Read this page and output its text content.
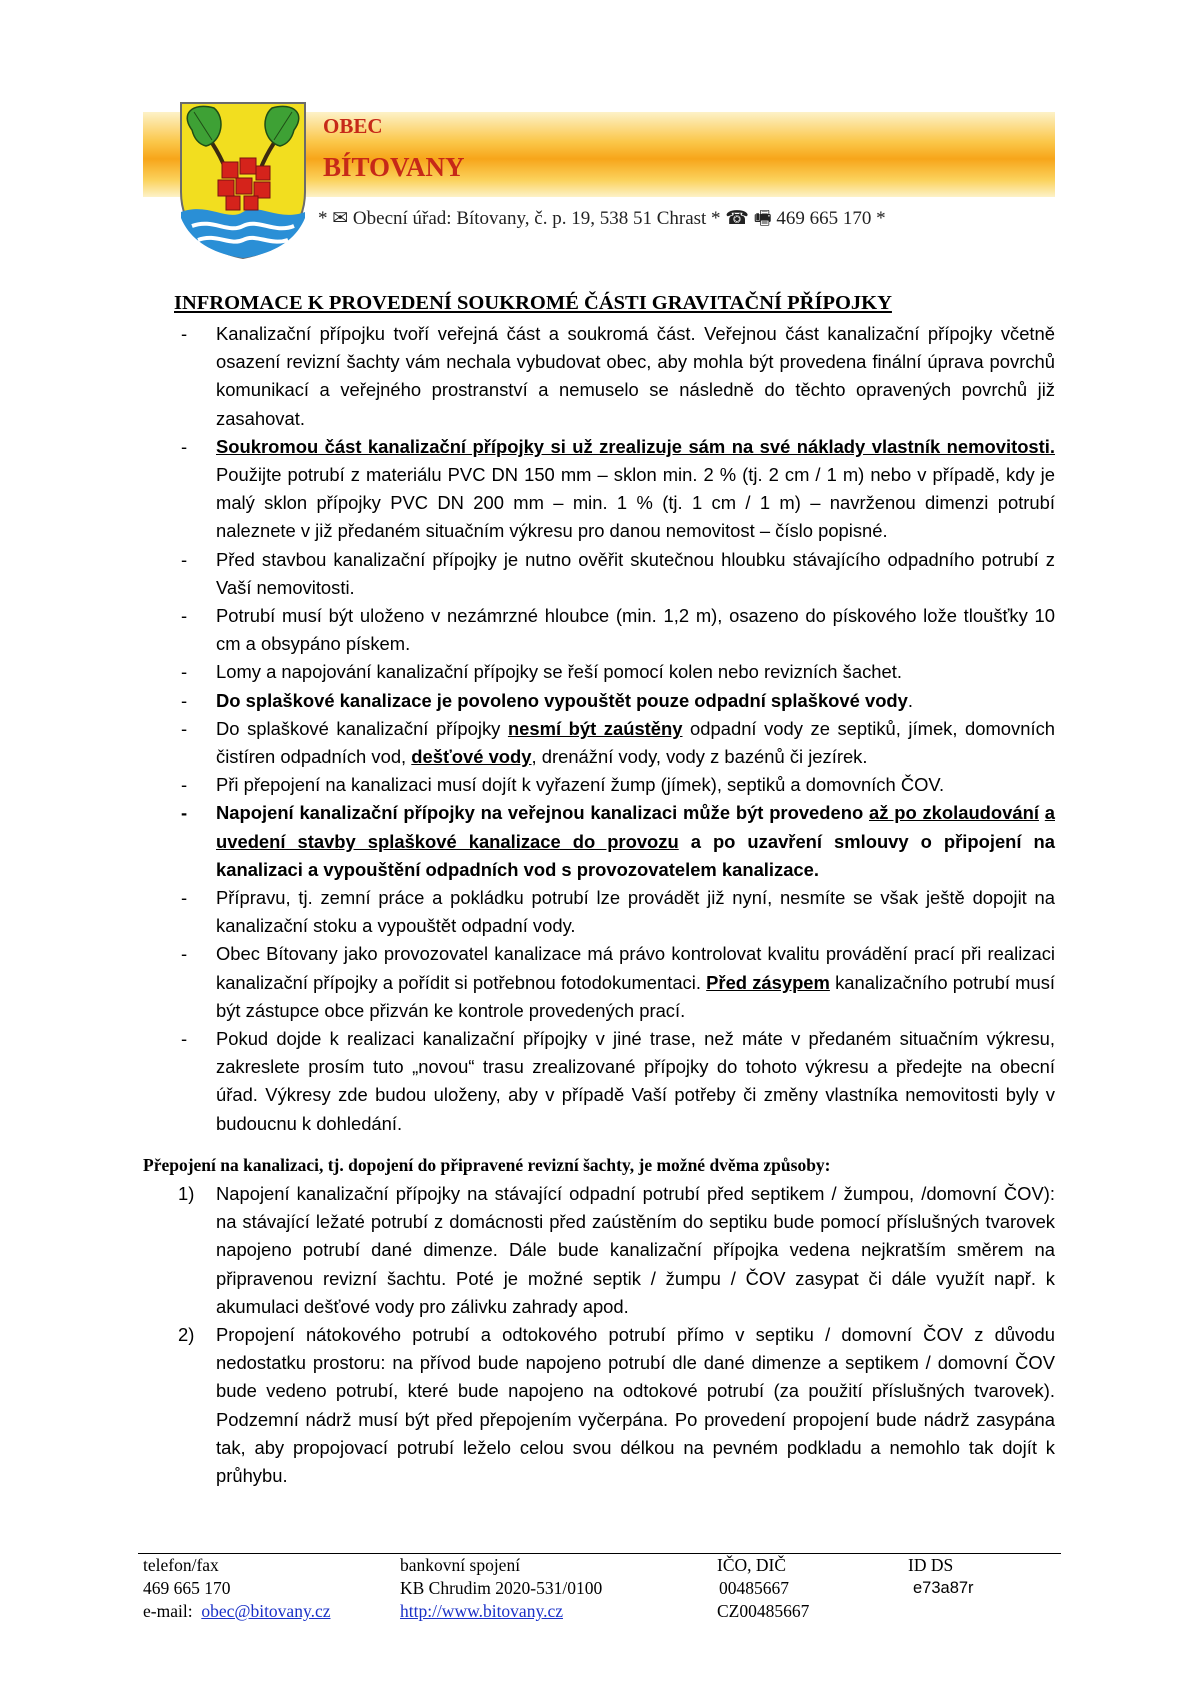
OBEC
BÍTOVANY
* ✉ Obecní úřad: Bítovany, č. p. 19, 538 51 Chrast * ☎ 🖷 469 665 170 *
INFROMACE K PROVEDENÍ SOUKROMÉ ČÁSTI GRAVITAČNÍ PŘÍPOJKY
- Kanalizační přípojku tvoří veřejná část a soukromá část. Veřejnou část kanalizační přípojky včetně osazení revizní šachty vám nechala vybudovat obec, aby mohla být provedena finální úprava povrchů komunikací a veřejného prostranství a nemuselo se následně do těchto opravených povrchů již zasahovat.
- Soukromou část kanalizační přípojky si už zrealizuje sám na své náklady vlastník nemovitosti. Použijte potrubí z materiálu PVC DN 150 mm – sklon min. 2 % (tj. 2 cm / 1 m) nebo v případě, kdy je malý sklon přípojky PVC DN 200 mm – min. 1 % (tj. 1 cm / 1 m) – navrženou dimenzi potrubí naleznete v již předaném situačním výkresu pro danou nemovitost – číslo popisné.
- Před stavbou kanalizační přípojky je nutno ověřit skutečnou hloubku stávajícího odpadního potrubí z Vaší nemovitosti.
- Potrubí musí být uloženo v nezámrzné hloubce (min. 1,2 m), osazeno do pískového lože tloušťky 10 cm a obsypáno pískem.
- Lomy a napojování kanalizační přípojky se řeší pomocí kolen nebo revizních šachet.
- Do splaškové kanalizace je povoleno vypouštět pouze odpadní splaškové vody.
- Do splaškové kanalizační přípojky nesmí být zaústěny odpadní vody ze septiků, jímek, domovních čistíren odpadních vod, dešťové vody, drenážní vody, vody z bazénů či jezírek.
- Při přepojení na kanalizaci musí dojít k vyřazení žump (jímek), septiků a domovních ČOV.
- Napojení kanalizační přípojky na veřejnou kanalizaci může být provedeno až po zkolaudování a uvedení stavby splaškové kanalizace do provozu a po uzavření smlouvy o připojení na kanalizaci a vypouštění odpadních vod s provozovatelem kanalizace.
- Přípravu, tj. zemní práce a pokládku potrubí lze provádět již nyní, nesmíte se však ještě dopojit na kanalizační stoku a vypouštět odpadní vody.
- Obec Bítovany jako provozovatel kanalizace má právo kontrolovat kvalitu provádění prací při realizaci kanalizační přípojky a pořídit si potřebnou fotodokumentaci. Před zásypem kanalizačního potrubí musí být zástupce obce přizván ke kontrole provedených prací.
- Pokud dojde k realizaci kanalizační přípojky v jiné trase, než máte v předaném situačním výkresu, zakreslete prosím tuto „novou“ trasu zrealizované přípojky do tohoto výkresu a předejte na obecní úřad. Výkresy zde budou uloženy, aby v případě Vaší potřeby či změny vlastníka nemovitosti byly v budoucnu k dohledání.
Přepojení na kanalizaci, tj. dopojení do připravené revizní šachty, je možné dvěma způsoby:
1) Napojení kanalizační přípojky na stávající odpadní potrubí před septikem / žumpou, /domovní ČOV): na stávající ležaté potrubí z domácnosti před zaústěním do septiku bude pomocí příslušných tvarovek napojeno potrubí dané dimenze. Dále bude kanalizační přípojka vedena nejkratším směrem na připravenou revizní šachtu. Poté je možné septik / žumpu / ČOV zasypat či dále využít např. k akumulaci dešťové vody pro zálivku zahrady apod.
2) Propojení nátokového potrubí a odtokového potrubí přímo v septiku / domovní ČOV z důvodu nedostatku prostoru: na přívod bude napojeno potrubí dle dané dimenze a septikem / domovní ČOV bude vedeno potrubí, které bude napojeno na odtokové potrubí (za použití příslušných tvarovek). Podzemní nádrž musí být před přepojením vyčerpána. Po provedení propojení bude nádrž zasypána tak, aby propojovací potrubí leželo celou svou délkou na pevném podkladu a nemohlo tak dojít k průhybu.
telefon/fax
469 665 170
e-mail: obec@bitovany.cz
bankovní spojení
KB Chrudim 2020-531/0100
http://www.bitovany.cz
IČO, DIČ
00485667
CZ00485667
ID DS
e73a87r
